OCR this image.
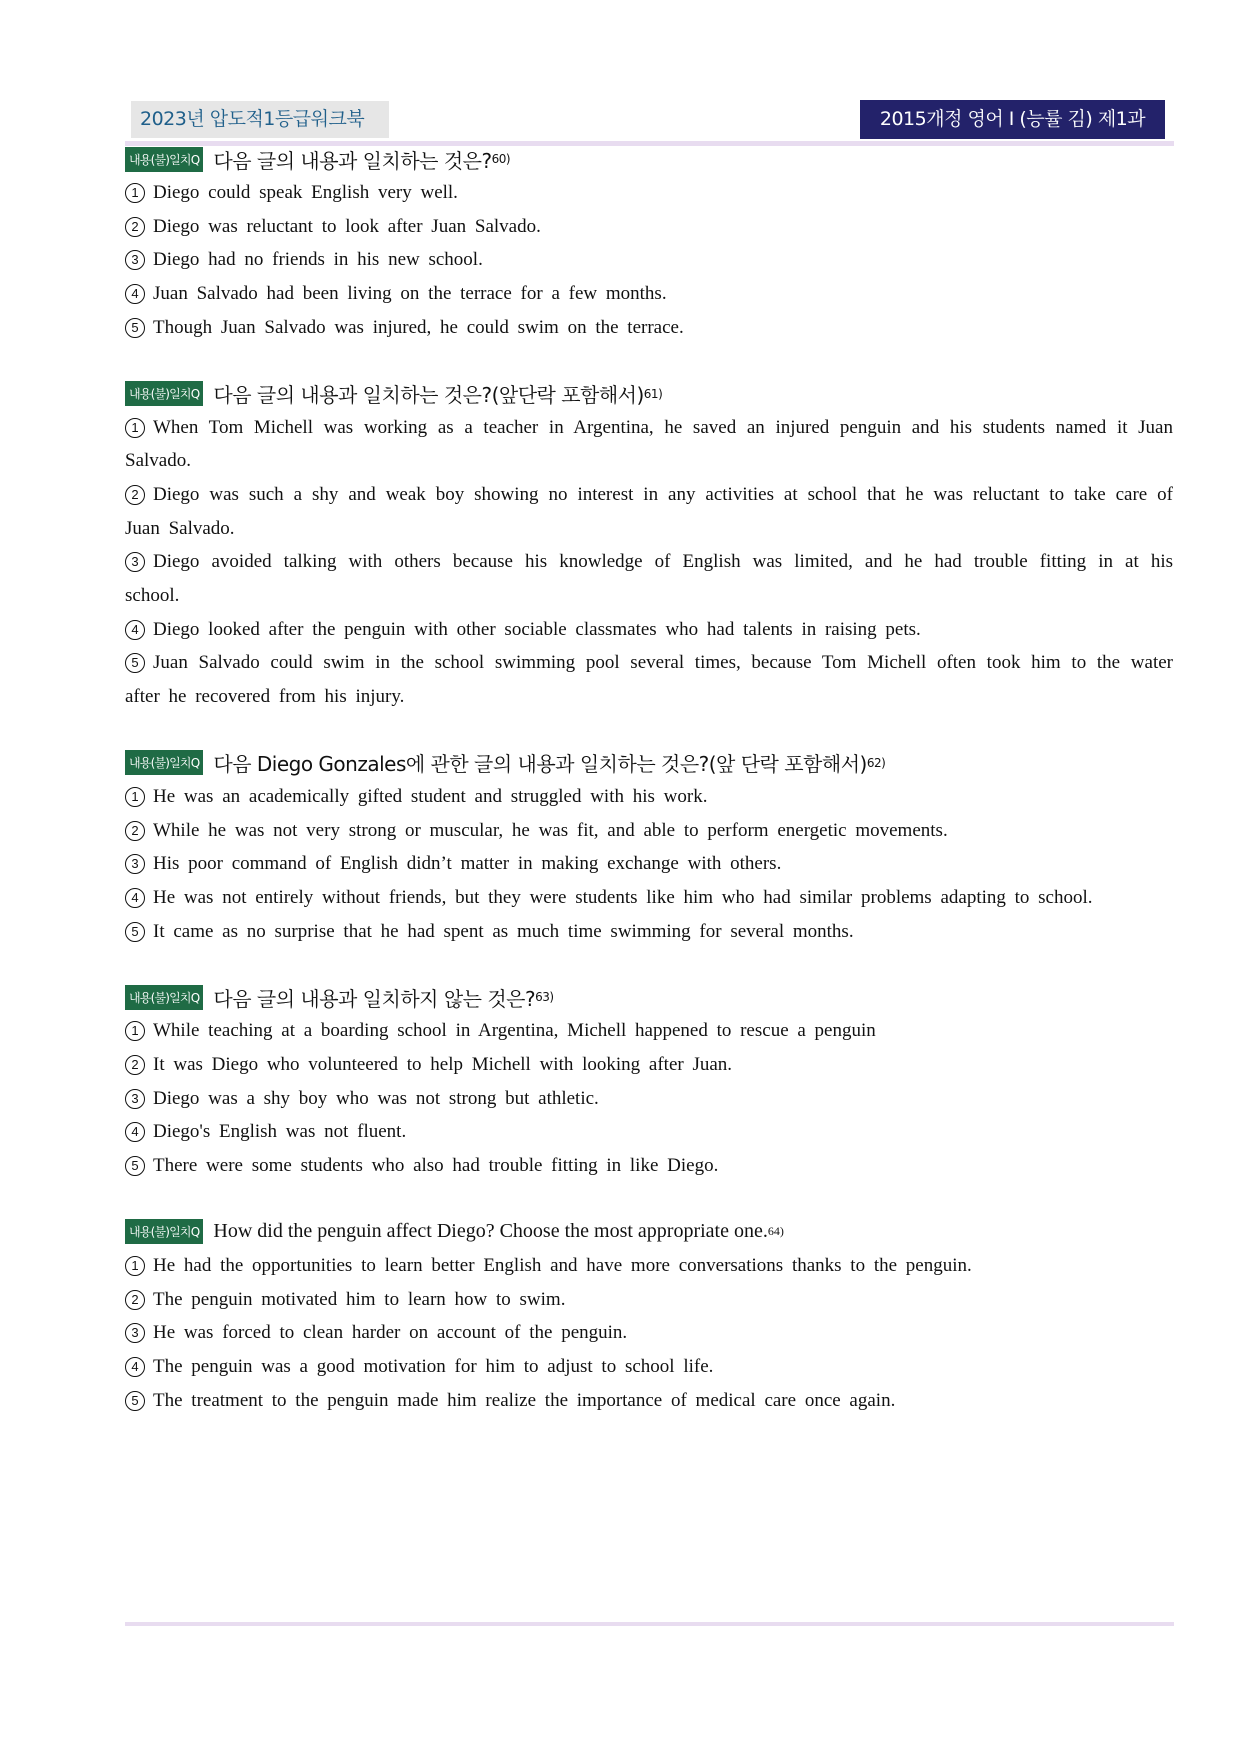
2023년 압도적1등급워크북	2015개정 영어 I (능률 김) 제1과
내용(불)일치Q 다음 글의 내용과 일치하는 것은? 60)
1 Diego could speak English very well.
2 Diego was reluctant to look after Juan Salvado.
3 Diego had no friends in his new school.
4 Juan Salvado had been living on the terrace for a few months.
5 Though Juan Salvado was injured, he could swim on the terrace.
내용(불)일치Q 다음 글의 내용과 일치하는 것은?(앞단락 포함해서) 61)
1 When Tom Michell was working as a teacher in Argentina, he saved an injured penguin and his students named it Juan Salvado.
2 Diego was such a shy and weak boy showing no interest in any activities at school that he was reluctant to take care of Juan Salvado.
3 Diego avoided talking with others because his knowledge of English was limited, and he had trouble fitting in at his school.
4 Diego looked after the penguin with other sociable classmates who had talents in raising pets.
5 Juan Salvado could swim in the school swimming pool several times, because Tom Michell often took him to the water after he recovered from his injury.
내용(불)일치Q 다음 Diego Gonzales에 관한 글의 내용과 일치하는 것은?(앞 단락 포함해서) 62)
1 He was an academically gifted student and struggled with his work.
2 While he was not very strong or muscular, he was fit, and able to perform energetic movements.
3 His poor command of English didn’t matter in making exchange with others.
4 He was not entirely without friends, but they were students like him who had similar problems adapting to school.
5 It came as no surprise that he had spent as much time swimming for several months.
내용(불)일치Q 다음 글의 내용과 일치하지 않는 것은? 63)
1 While teaching at a boarding school in Argentina, Michell happened to rescue a penguin
2 It was Diego who volunteered to help Michell with looking after Juan.
3 Diego was a shy boy who was not strong but athletic.
4 Diego's English was not fluent.
5 There were some students who also had trouble fitting in like Diego.
내용(불)일치Q How did the penguin affect Diego? Choose the most appropriate one. 64)
1 He had the opportunities to learn better English and have more conversations thanks to the penguin.
2 The penguin motivated him to learn how to swim.
3 He was forced to clean harder on account of the penguin.
4 The penguin was a good motivation for him to adjust to school life.
5 The treatment to the penguin made him realize the importance of medical care once again.
